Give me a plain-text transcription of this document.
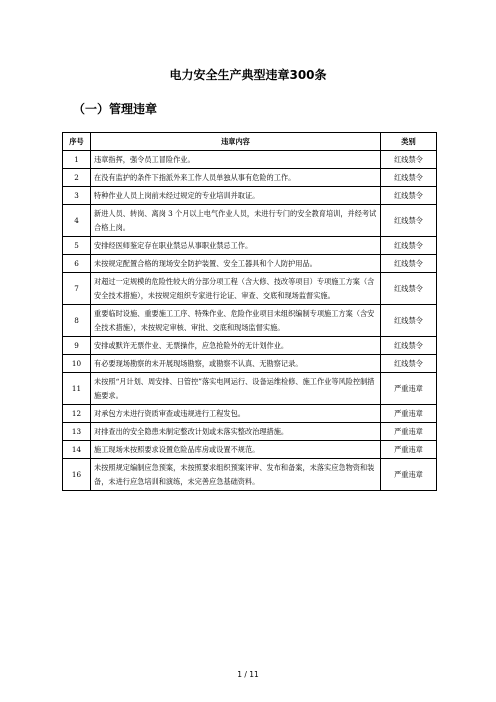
电力安全生产典型违章300条
（一）管理违章
序号	违章内容	类别
1	违章指挥，强令员工冒险作业。	红线禁令
2	在没有监护的条件下指派外来工作人员单独从事有危险的工作。	红线禁令
3	特种作业人员上岗前未经过规定的专业培训并取证。	红线禁令
4	新进人员、转岗、离岗 3 个月以上电气作业人员，未进行专门的安全教育培训，并经考试合格上岗。	红线禁令
5	安排经医师鉴定存在职业禁忌从事职业禁忌工作。	红线禁令
6	未按规定配置合格的现场安全防护装置、安全工器具和个人防护用品。	红线禁令
7	对超过一定规模的危险性较大的分部分项工程（含大修、技改等项目）专项施工方案（含安全技术措施），未按规定组织专家进行论证、审查、交底和现场监督实施。	红线禁令
8	重要临时设施、重要施工工序、特殊作业、危险作业项目未组织编制专项施工方案（含安全技术措施），未按规定审核、审批、交底和现场监督实施。	红线禁令
9	安排或默许无票作业、无票操作，应急抢险外的无计划作业。	红线禁令
10	有必要现场勘察的未开展现场勘察，或勘察不认真、无勘察记录。	红线禁令
11	未按照“月计划、周安排、日管控”落实电网运行、设备运维检修、施工作业等风险控制措施要求。	严重违章
12	对承包方未进行资质审查或违规进行工程发包。	严重违章
13	对排查出的安全隐患未制定整改计划或未落实整改治理措施。	严重违章
14	施工现场未按照要求设置危险品库房或设置不规范。	严重违章
16	未按照规定编制应急预案，未按照要求组织预案评审、发布和备案，未落实应急物资和装备，未进行应急培训和演练，未完善应急基础资料。	严重违章
1 / 11
